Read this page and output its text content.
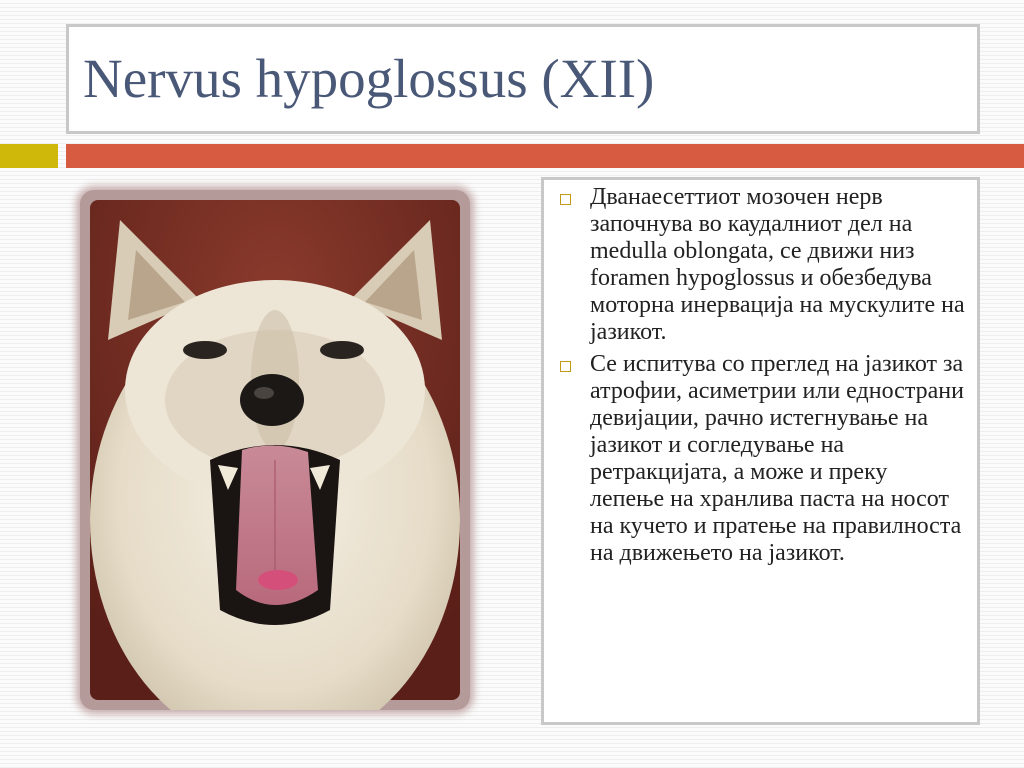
Nervus hypoglossus (XII)
Дванаесеттиот мозочен нерв започнува во каудалниот дел на medulla oblongata, се движи низ foramen hypoglossus и обезбедува моторна инервација на мускулите на јазикот.
Се испитува со преглед на јазикот за атрофии, асиметрии или еднострани девијации, рачно истегнување на јазикот и согледување на ретракцијата, а може и преку лепење на хранлива паста на носот на кучето и пратење на правилноста на движењето на јазикот.
